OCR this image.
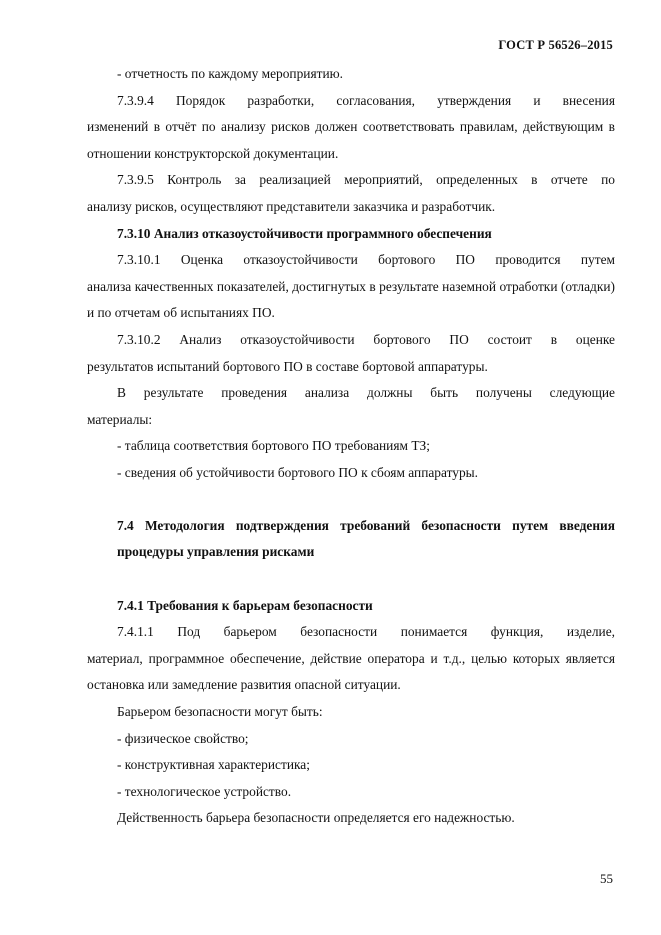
ГОСТ Р 56526–2015

- отчетность по каждому мероприятию.

7.3.9.4 Порядок разработки, согласования, утверждения и внесения

изменений в отчёт по анализу рисков должен соответствовать правилам, действующим в отношении конструкторской документации.

7.3.9.5 Контроль за реализацией мероприятий, определенных в отчете по

анализу рисков, осуществляют представители заказчика и разработчик.

7.3.10 Анализ отказоустойчивости программного обеспечения

7.3.10.1 Оценка отказоустойчивости бортового ПО проводится путем

анализа качественных показателей, достигнутых в результате наземной отработки (отладки) и по отчетам об испытаниях ПО.

7.3.10.2 Анализ отказоустойчивости бортового ПО состоит в оценке

результатов испытаний бортового ПО в составе бортовой аппаратуры.

В результате проведения анализа должны быть получены следующие

материалы:

- таблица соответствия бортового ПО требованиям ТЗ;

- сведения об устойчивости бортового ПО к сбоям аппаратуры.

7.4 Методология подтверждения требований безопасности путем введения процедуры управления рисками

7.4.1 Требования к барьерам безопасности

7.4.1.1 Под барьером безопасности понимается функция, изделие,

материал, программное обеспечение, действие оператора и т.д., целью которых является остановка или замедление развития опасной ситуации.

Барьером безопасности могут быть:

- физическое свойство;

- конструктивная характеристика;

- технологическое устройство.

Действенность барьера безопасности определяется его надежностью.

55
